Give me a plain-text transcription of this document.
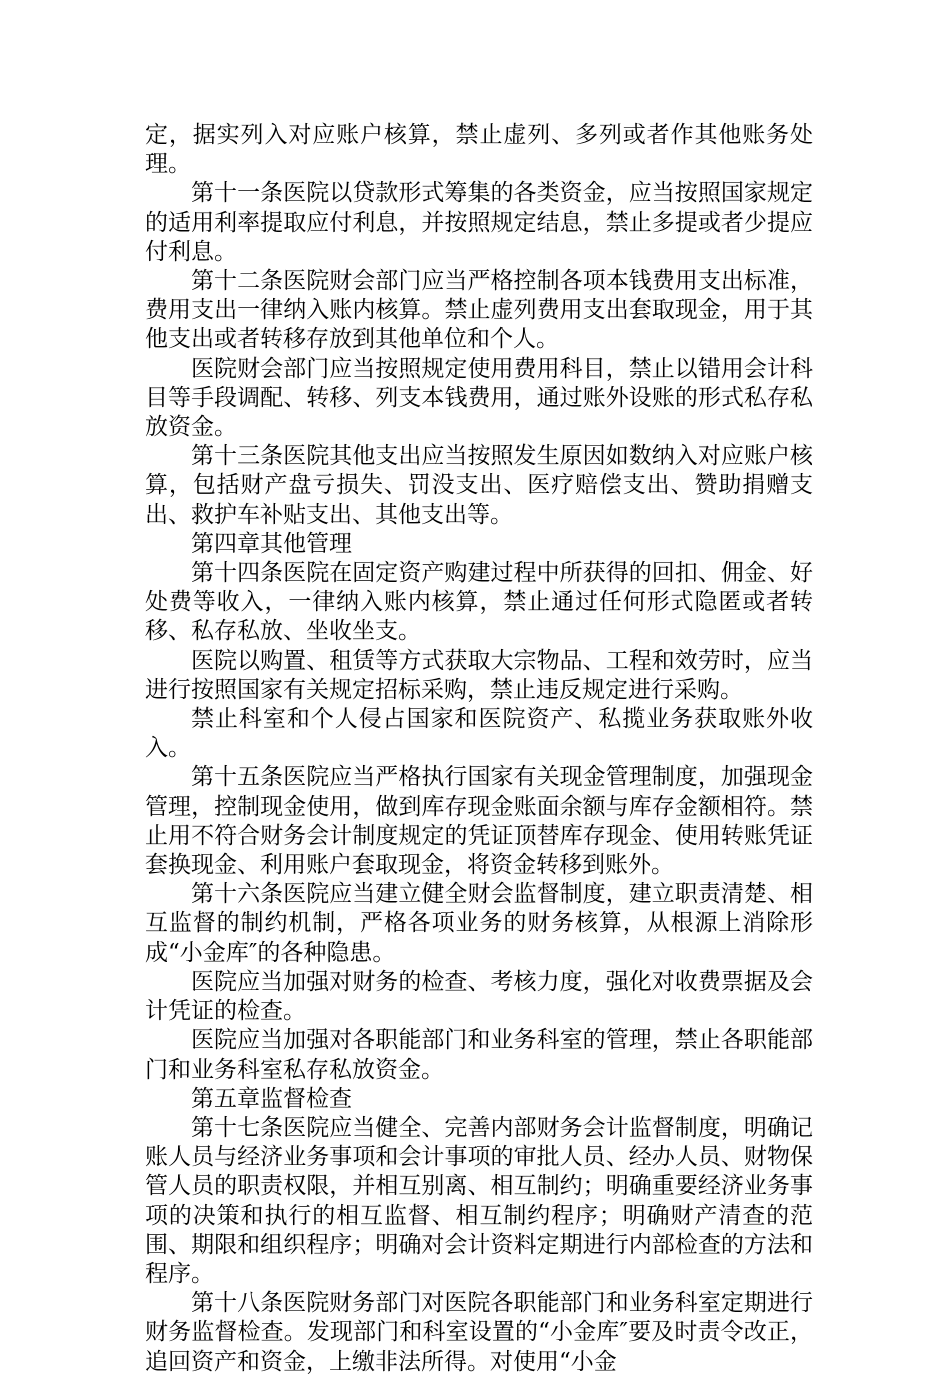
定，据实列入对应账户核算，禁止虚列、多列或者作其他账务处理。

第十一条医院以贷款形式筹集的各类资金，应当按照国家规定的适用利率提取应付利息，并按照规定结息，禁止多提或者少提应付利息。

第十二条医院财会部门应当严格控制各项本钱费用支出标准，费用支出一律纳入账内核算。禁止虚列费用支出套取现金，用于其他支出或者转移存放到其他单位和个人。

医院财会部门应当按照规定使用费用科目，禁止以错用会计科目等手段调配、转移、列支本钱费用，通过账外设账的形式私存私放资金。

第十三条医院其他支出应当按照发生原因如数纳入对应账户核算，包括财产盘亏损失、罚没支出、医疗赔偿支出、赞助捐赠支出、救护车补贴支出、其他支出等。

第四章其他管理

第十四条医院在固定资产购建过程中所获得的回扣、佣金、好处费等收入，一律纳入账内核算，禁止通过任何形式隐匿或者转移、私存私放、坐收坐支。

医院以购置、租赁等方式获取大宗物品、工程和效劳时，应当进行按照国家有关规定招标采购，禁止违反规定进行采购。

禁止科室和个人侵占国家和医院资产、私揽业务获取账外收入。

第十五条医院应当严格执行国家有关现金管理制度，加强现金管理，控制现金使用，做到库存现金账面余额与库存金额相符。禁止用不符合财务会计制度规定的凭证顶替库存现金、使用转账凭证套换现金、利用账户套取现金，将资金转移到账外。

第十六条医院应当建立健全财会监督制度，建立职责清楚、相互监督的制约机制，严格各项业务的财务核算，从根源上消除形成“小金库″的各种隐患。

医院应当加强对财务的检查、考核力度，强化对收费票据及会计凭证的检查。

医院应当加强对各职能部门和业务科室的管理，禁止各职能部门和业务科室私存私放资金。

第五章监督检查

第十七条医院应当健全、完善内部财务会计监督制度，明确记账人员与经济业务事项和会计事项的审批人员、经办人员、财物保管人员的职责权限，并相互别离、相互制约；明确重要经济业务事项的决策和执行的相互监督、相互制约程序；明确财产清查的范围、期限和组织程序；明确对会计资料定期进行内部检查的方法和程序。

第十八条医院财务部门对医院各职能部门和业务科室定期进行财务监督检查。发现部门和科室设置的“小金库″要及时责令改正，追回资产和资金，上缴非法所得。对使用“小金
